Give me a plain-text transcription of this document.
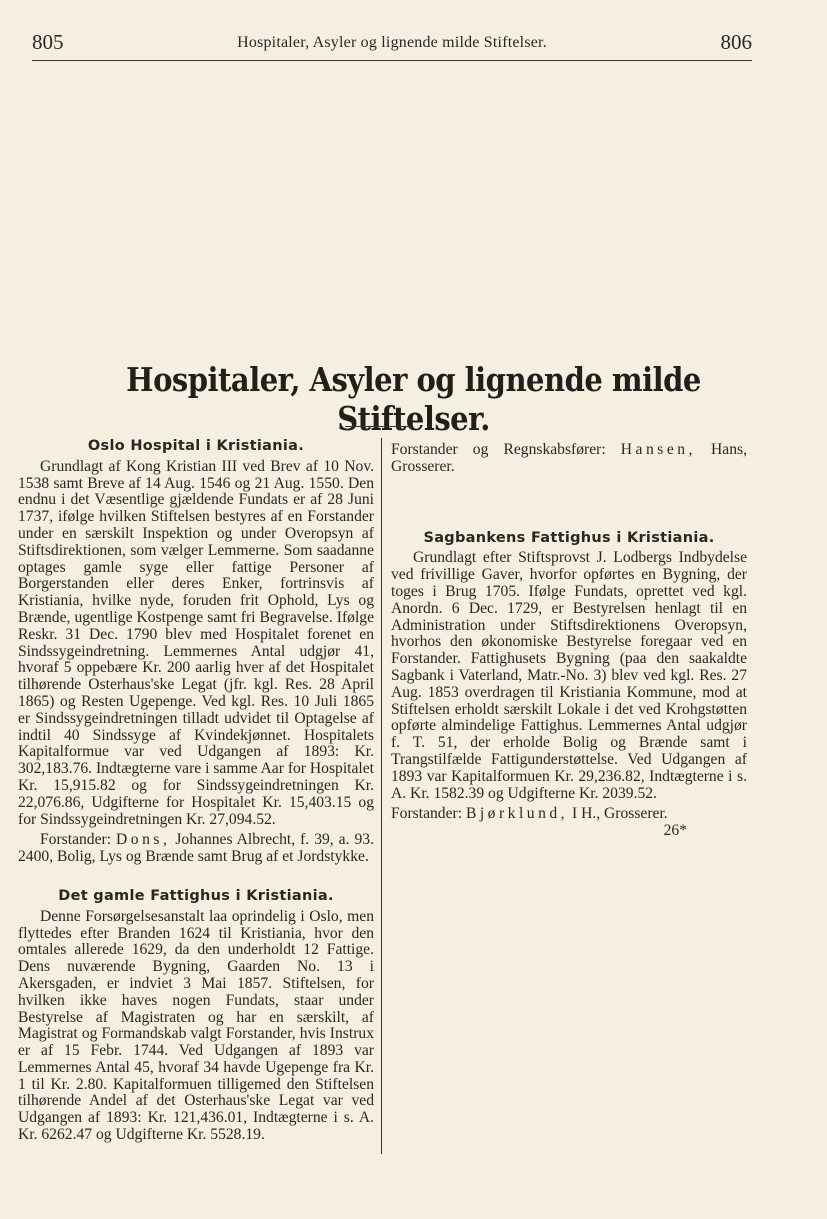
805	Hospitaler, Asyler og lignende milde Stiftelser.	806
Hospitaler, Asyler og lignende milde Stiftelser.
Oslo Hospital i Kristiania.

Grundlagt af Kong Kristian III ved Brev af 10 Nov. 1538 samt Breve af 14 Aug. 1546 og 21 Aug. 1550. Den endnu i det Væsentlige gjældende Fundats er af 28 Juni 1737, ifølge hvilken Stiftelsen bestyres af en Forstander under en særskilt Inspektion og under Overopsyn af Stiftsdirektionen, som vælger Lemmerne. Som saadanne optages gamle syge eller fattige Personer af Borgerstanden eller deres Enker, fortrinsvis af Kristiania, hvilke nyde, foruden frit Ophold, Lys og Brænde, ugentlige Kostpenge samt fri Begravelse. Ifølge Reskr. 31 Dec. 1790 blev med Hospitalet forenet en Sindssygeindretning. Lemmernes Antal udgjør 41, hvoraf 5 oppebære Kr. 200 aarlig hver af det Hospitalet tilhørende Osterhaus'ske Legat (jfr. kgl. Res. 28 April 1865) og Resten Ugepenge. Ved kgl. Res. 10 Juli 1865 er Sindssygeindretningen tilladt udvidet til Optagelse af indtil 40 Sindssyge af Kvindekjønnet. Hospitalets Kapitalformue var ved Udgangen af 1893: Kr. 302,183.76. Indtægterne vare i samme Aar for Hospitalet Kr. 15,915.82 og for Sindssygeindretningen Kr. 22,076.86, Udgifterne for Hospitalet Kr. 15,403.15 og for Sindssygeindretningen Kr. 27,094.52.

Forstander: Dons, Johannes Albrecht, f. 39, a. 93. 2400, Bolig, Lys og Brænde samt Brug af et Jordstykke.

Det gamle Fattighus i Kristiania.

Denne Forsørgelsesanstalt laa oprindelig i Oslo, men flyttedes efter Branden 1624 til Kristiania, hvor den omtales allerede 1629, da den underholdt 12 Fattige. Dens nuværende Bygning, Gaarden No. 13 i Akersgaden, er indviet 3 Mai 1857. Stiftelsen, for hvilken ikke haves nogen Fundats, staar under Bestyrelse af Magistraten og har en særskilt, af Magistrat og Formandskab valgt Forstander, hvis Instrux er af 15 Febr. 1744. Ved Udgangen af 1893 var Lemmernes Antal 45, hvoraf 34 havde Ugepenge fra Kr. 1 til Kr. 2.80. Kapitalformuen tilligemed den Stiftelsen tilhørende Andel af det Osterhaus'ske Legat var ved Udgangen af 1893: Kr. 121,436.01, Indtægterne i s. A. Kr. 6262.47 og Udgifterne Kr. 5528.19.

Forstander og Regnskabsfører: Hansen, Hans, Grosserer.

Sagbankens Fattighus i Kristiania.

Grundlagt efter Stiftsprovst J. Lodbergs Indbydelse ved frivillige Gaver, hvorfor opførtes en Bygning, der toges i Brug 1705. Ifølge Fundats, oprettet ved kgl. Anordn. 6 Dec. 1729, er Bestyrelsen henlagt til en Administration under Stiftsdirektionens Overopsyn, hvorhos den økonomiske Bestyrelse foregaar ved en Forstander. Fattighusets Bygning (paa den saakaldte Sagbank i Vaterland, Matr.-No. 3) blev ved kgl. Res. 27 Aug. 1853 overdragen til Kristiania Kommune, mod at Stiftelsen erholdt særskilt Lokale i det ved Krohgstøtten opførte almindelige Fattighus. Lemmernes Antal udgjør f. T. 51, der erholde Bolig og Brænde samt i Trangstilfælde Fattigunderstøttelse. Ved Udgangen af 1893 var Kapitalformuen Kr. 29,236.82, Indtægterne i s. A. Kr. 1582.39 og Udgifterne Kr. 2039.52.

Forstander: Bjørklund, I H., Grosserer.

26*
